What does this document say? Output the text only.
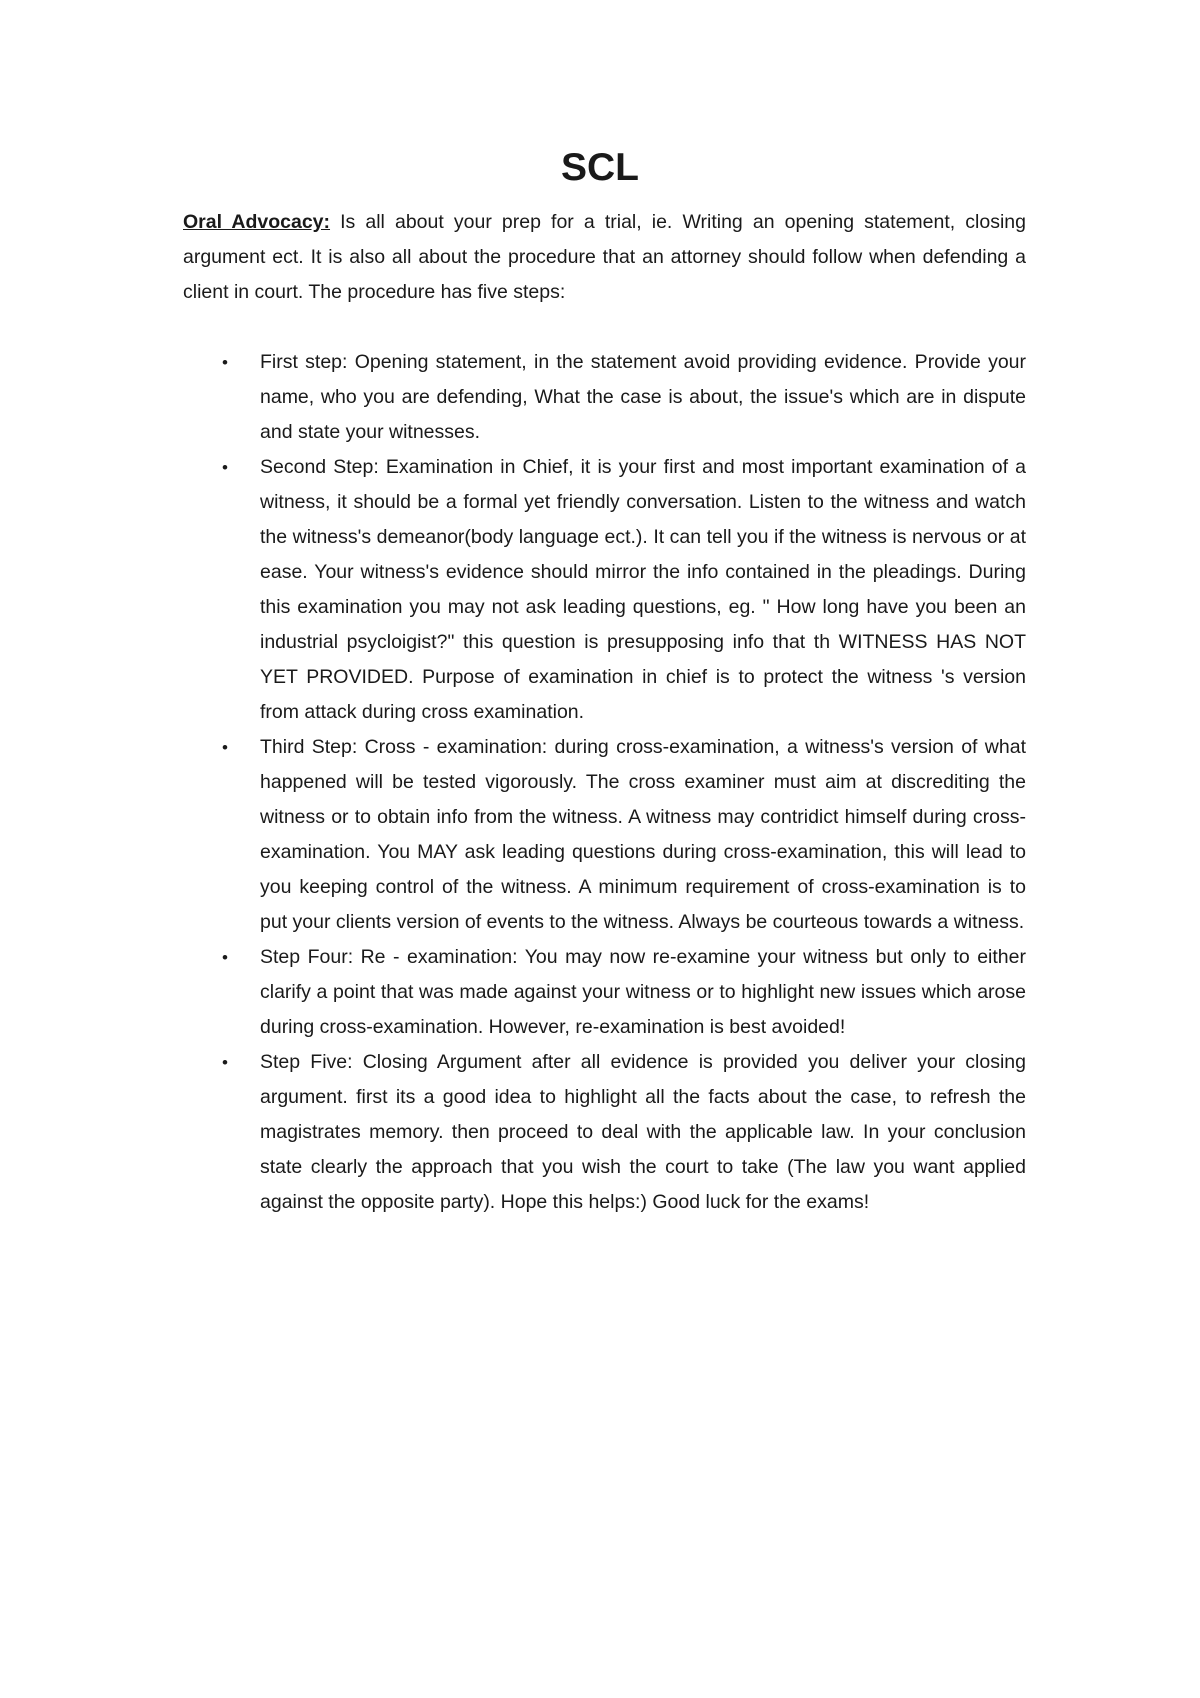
SCL

Oral Advocacy: Is all about your prep for a trial, ie. Writing an opening statement, closing argument ect. It is also all about the procedure that an attorney should follow when defending a client in court. The procedure has five steps:

• First step: Opening statement, in the statement avoid providing evidence. Provide your name, who you are defending, What the case is about, the issue's which are in dispute and state your witnesses.
• Second Step: Examination in Chief, it is your first and most important examination of a witness, it should be a formal yet friendly conversation. Listen to the witness and watch the witness's demeanor(body language ect.). It can tell you if the witness is nervous or at ease. Your witness's evidence should mirror the info contained in the pleadings. During this examination you may not ask leading questions, eg. " How long have you been an industrial psycloigist?" this question is presupposing info that th WITNESS HAS NOT YET PROVIDED. Purpose of examination in chief is to protect the witness 's version from attack during cross examination.
• Third Step: Cross - examination: during cross-examination, a witness's version of what happened will be tested vigorously. The cross examiner must aim at discrediting the witness or to obtain info from the witness. A witness may contridict himself during cross-examination. You MAY ask leading questions during cross-examination, this will lead to you keeping control of the witness. A minimum requirement of cross-examination is to put your clients version of events to the witness. Always be courteous towards a witness.
• Step Four: Re - examination: You may now re-examine your witness but only to either clarify a point that was made against your witness or to highlight new issues which arose during cross-examination. However, re-examination is best avoided!
• Step Five: Closing Argument after all evidence is provided you deliver your closing argument. first its a good idea to highlight all the facts about the case, to refresh the magistrates memory. then proceed to deal with the applicable law. In your conclusion state clearly the approach that you wish the court to take (The law you want applied against the opposite party). Hope this helps:) Good luck for the exams!
